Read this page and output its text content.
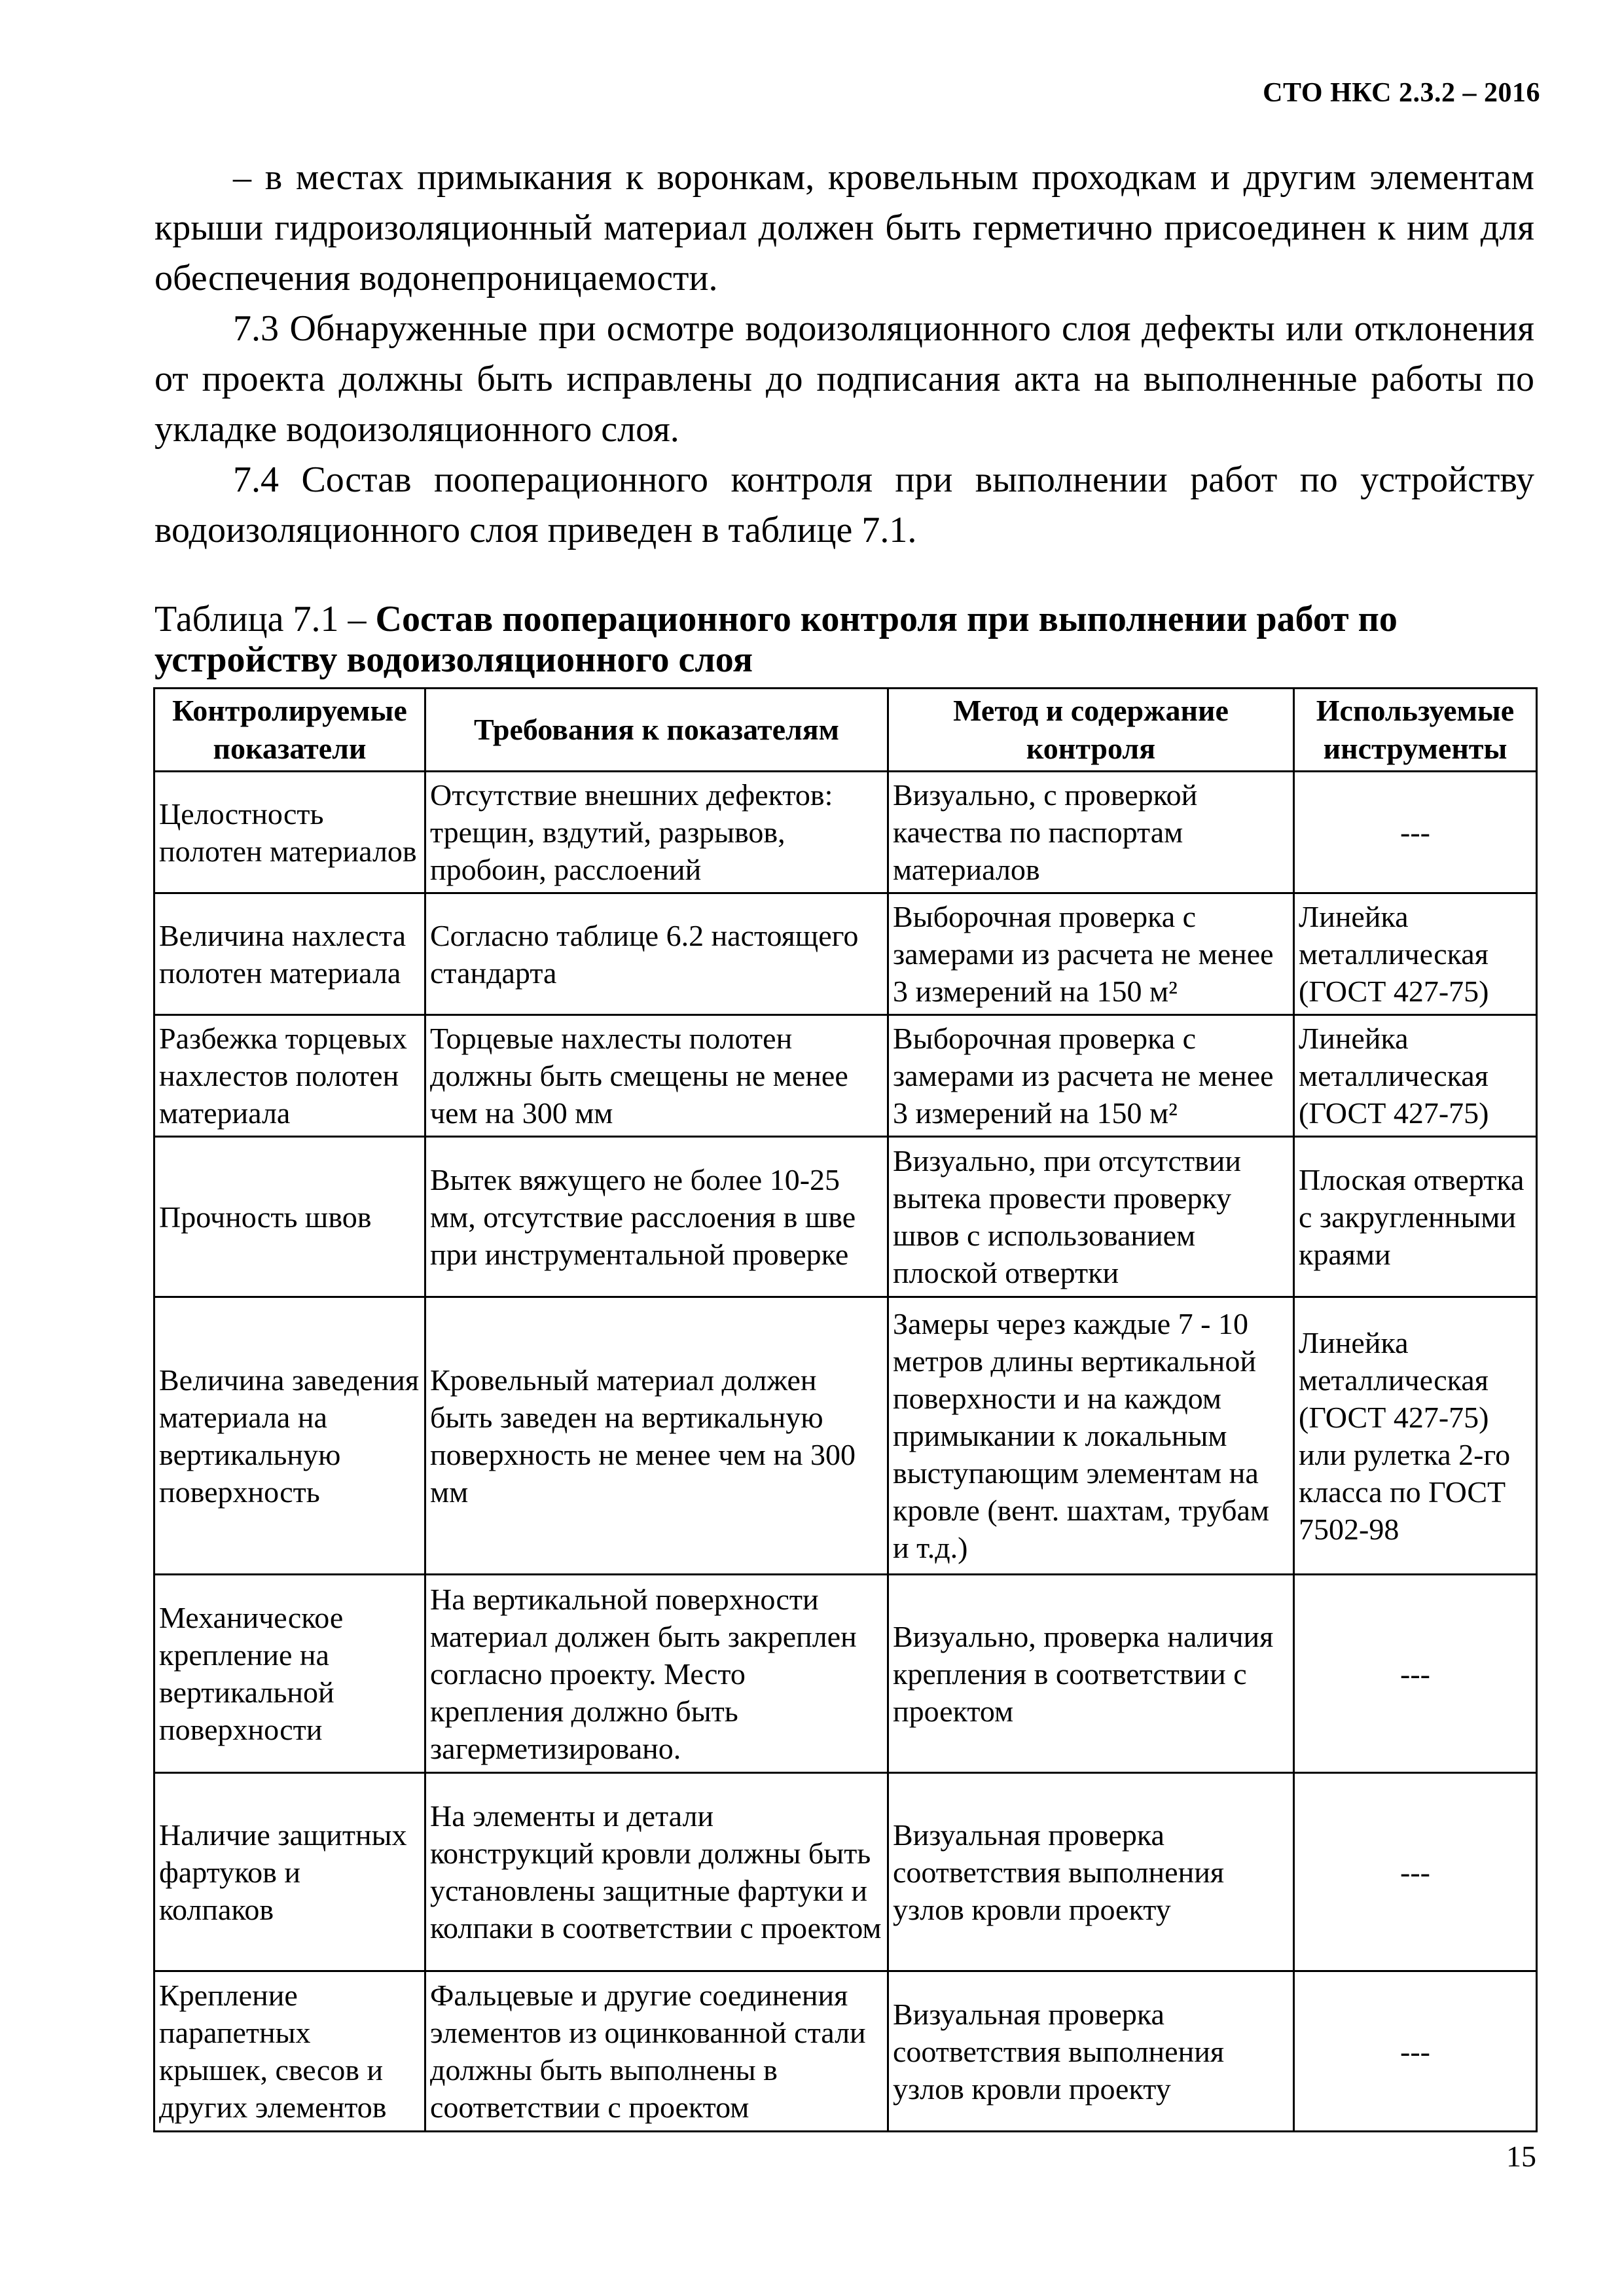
СТО НКС 2.3.2 – 2016

– в местах примыкания к воронкам, кровельным проходкам и другим элементам крыши гидроизоляционный материал должен быть герметично присоединен к ним для обеспечения водонепроницаемости.

7.3 Обнаруженные при осмотре водоизоляционного слоя дефекты или отклонения от проекта должны быть исправлены до подписания акта на выполненные работы по укладке водоизоляционного слоя.

7.4 Состав пооперационного контроля при выполнении работ по устройству водоизоляционного слоя приведен в таблице 7.1.

Таблица 7.1 – Состав пооперационного контроля при выполнении работ по устройству водоизоляционного слоя
Контролируемые показатели	Требования к показателям	Метод и содержание контроля	Используемые инструменты
Целостность полотен материалов	Отсутствие внешних дефектов: трещин, вздутий, разрывов, пробоин, расслоений	Визуально, с проверкой качества по паспортам материалов	---
Величина нахлеста полотен материала	Согласно таблице 6.2 настоящего стандарта	Выборочная проверка с замерами из расчета не менее 3 измерений на 150 м²	Линейка металлическая (ГОСТ 427-75)
Разбежка торцевых нахлестов полотен материала	Торцевые нахлесты полотен должны быть смещены не менее чем на 300 мм	Выборочная проверка с замерами из расчета не менее 3 измерений на 150 м²	Линейка металлическая (ГОСТ 427-75)
Прочность швов	Вытек вяжущего не более 10-25 мм, отсутствие расслоения в шве при инструментальной проверке	Визуально, при отсутствии вытека провести проверку швов с использованием плоской отвертки	Плоская отвертка с закругленными краями
Величина заведения материала на вертикальную поверхность	Кровельный материал должен быть заведен на вертикальную поверхность не менее чем на 300 мм	Замеры через каждые 7 - 10 метров длины вертикальной поверхности и на каждом примыкании к локальным выступающим элементам на кровле (вент. шахтам, трубам и т.д.)	Линейка металлическая (ГОСТ 427-75) или рулетка 2-го класса по ГОСТ 7502-98
Механическое крепление на вертикальной поверхности	На вертикальной поверхности материал должен быть закреплен согласно проекту. Место крепления должно быть загерметизировано.	Визуально, проверка наличия крепления в соответствии с проектом	---
Наличие защитных фартуков и колпаков	На элементы и детали конструкций кровли должны быть установлены защитные фартуки и колпаки в соответствии с проектом	Визуальная проверка соответствия выполнения узлов кровли проекту	---
Крепление парапетных крышек, свесов и других элементов	Фальцевые и другие соединения элементов из оцинкованной стали должны быть выполнены в соответствии с проектом	Визуальная проверка соответствия выполнения узлов кровли проекту	---
15
